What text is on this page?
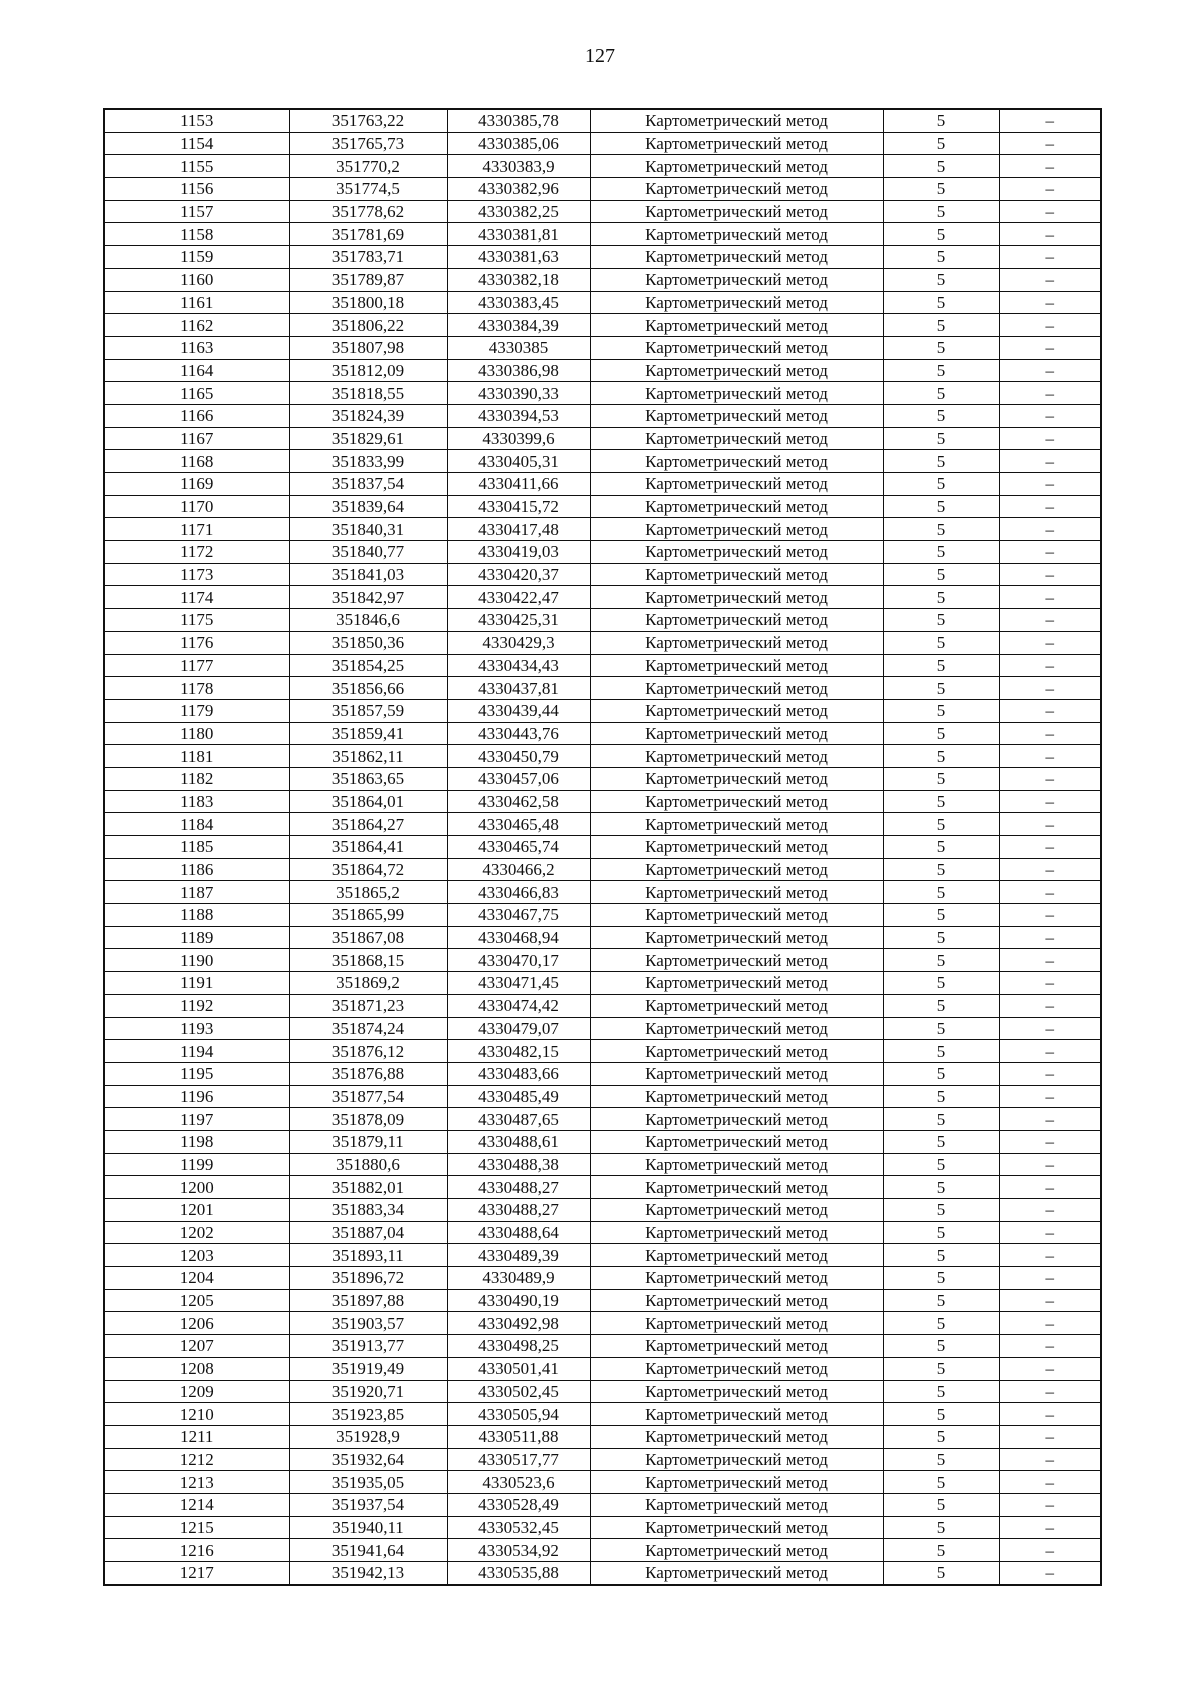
127
1153	351763,22	4330385,78	Картометрический метод	5	–
1154	351765,73	4330385,06	Картометрический метод	5	–
1155	351770,2	4330383,9	Картометрический метод	5	–
1156	351774,5	4330382,96	Картометрический метод	5	–
1157	351778,62	4330382,25	Картометрический метод	5	–
1158	351781,69	4330381,81	Картометрический метод	5	–
1159	351783,71	4330381,63	Картометрический метод	5	–
1160	351789,87	4330382,18	Картометрический метод	5	–
1161	351800,18	4330383,45	Картометрический метод	5	–
1162	351806,22	4330384,39	Картометрический метод	5	–
1163	351807,98	4330385	Картометрический метод	5	–
1164	351812,09	4330386,98	Картометрический метод	5	–
1165	351818,55	4330390,33	Картометрический метод	5	–
1166	351824,39	4330394,53	Картометрический метод	5	–
1167	351829,61	4330399,6	Картометрический метод	5	–
1168	351833,99	4330405,31	Картометрический метод	5	–
1169	351837,54	4330411,66	Картометрический метод	5	–
1170	351839,64	4330415,72	Картометрический метод	5	–
1171	351840,31	4330417,48	Картометрический метод	5	–
1172	351840,77	4330419,03	Картометрический метод	5	–
1173	351841,03	4330420,37	Картометрический метод	5	–
1174	351842,97	4330422,47	Картометрический метод	5	–
1175	351846,6	4330425,31	Картометрический метод	5	–
1176	351850,36	4330429,3	Картометрический метод	5	–
1177	351854,25	4330434,43	Картометрический метод	5	–
1178	351856,66	4330437,81	Картометрический метод	5	–
1179	351857,59	4330439,44	Картометрический метод	5	–
1180	351859,41	4330443,76	Картометрический метод	5	–
1181	351862,11	4330450,79	Картометрический метод	5	–
1182	351863,65	4330457,06	Картометрический метод	5	–
1183	351864,01	4330462,58	Картометрический метод	5	–
1184	351864,27	4330465,48	Картометрический метод	5	–
1185	351864,41	4330465,74	Картометрический метод	5	–
1186	351864,72	4330466,2	Картометрический метод	5	–
1187	351865,2	4330466,83	Картометрический метод	5	–
1188	351865,99	4330467,75	Картометрический метод	5	–
1189	351867,08	4330468,94	Картометрический метод	5	–
1190	351868,15	4330470,17	Картометрический метод	5	–
1191	351869,2	4330471,45	Картометрический метод	5	–
1192	351871,23	4330474,42	Картометрический метод	5	–
1193	351874,24	4330479,07	Картометрический метод	5	–
1194	351876,12	4330482,15	Картометрический метод	5	–
1195	351876,88	4330483,66	Картометрический метод	5	–
1196	351877,54	4330485,49	Картометрический метод	5	–
1197	351878,09	4330487,65	Картометрический метод	5	–
1198	351879,11	4330488,61	Картометрический метод	5	–
1199	351880,6	4330488,38	Картометрический метод	5	–
1200	351882,01	4330488,27	Картометрический метод	5	–
1201	351883,34	4330488,27	Картометрический метод	5	–
1202	351887,04	4330488,64	Картометрический метод	5	–
1203	351893,11	4330489,39	Картометрический метод	5	–
1204	351896,72	4330489,9	Картометрический метод	5	–
1205	351897,88	4330490,19	Картометрический метод	5	–
1206	351903,57	4330492,98	Картометрический метод	5	–
1207	351913,77	4330498,25	Картометрический метод	5	–
1208	351919,49	4330501,41	Картометрический метод	5	–
1209	351920,71	4330502,45	Картометрический метод	5	–
1210	351923,85	4330505,94	Картометрический метод	5	–
1211	351928,9	4330511,88	Картометрический метод	5	–
1212	351932,64	4330517,77	Картометрический метод	5	–
1213	351935,05	4330523,6	Картометрический метод	5	–
1214	351937,54	4330528,49	Картометрический метод	5	–
1215	351940,11	4330532,45	Картометрический метод	5	–
1216	351941,64	4330534,92	Картометрический метод	5	–
1217	351942,13	4330535,88	Картометрический метод	5	–
